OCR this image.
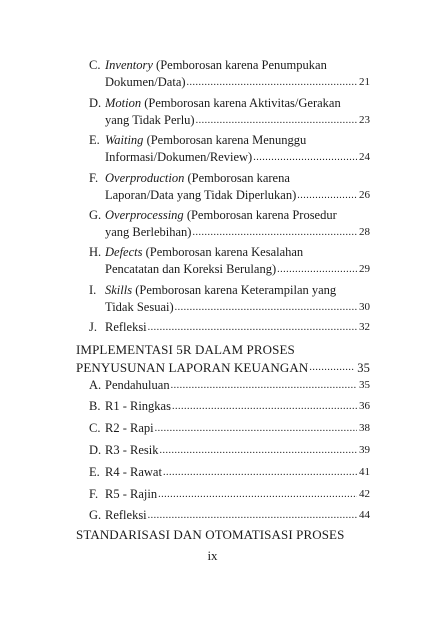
C. Inventory (Pemborosan karena Penumpukan
Dokumen/Data) .....	21
D. Motion (Pemborosan karena Aktivitas/Gerakan
yang Tidak Perlu) .....	23
E. Waiting (Pemborosan karena Menunggu
Informasi/Dokumen/Review) .....	24
F. Overproduction (Pemborosan karena
Laporan/Data yang Tidak Diperlukan) .....	26
G. Overprocessing (Pemborosan karena Prosedur
yang Berlebihan) .....	28
H. Defects (Pemborosan karena Kesalahan
Pencatatan dan Koreksi Berulang) .....	29
I. Skills (Pemborosan karena Keterampilan yang
Tidak Sesuai) .....	30
J. Refleksi .....	32
IMPLEMENTASI 5R DALAM PROSES
PENYUSUNAN LAPORAN KEUANGAN .....	35
A. Pendahuluan .....	35
B. R1 - Ringkas .....	36
C. R2 - Rapi .....	38
D. R3 - Resik .....	39
E. R4 - Rawat .....	41
F. R5 - Rajin .....	42
G. Refleksi .....	44
STANDARISASI DAN OTOMATISASI PROSES
ix
